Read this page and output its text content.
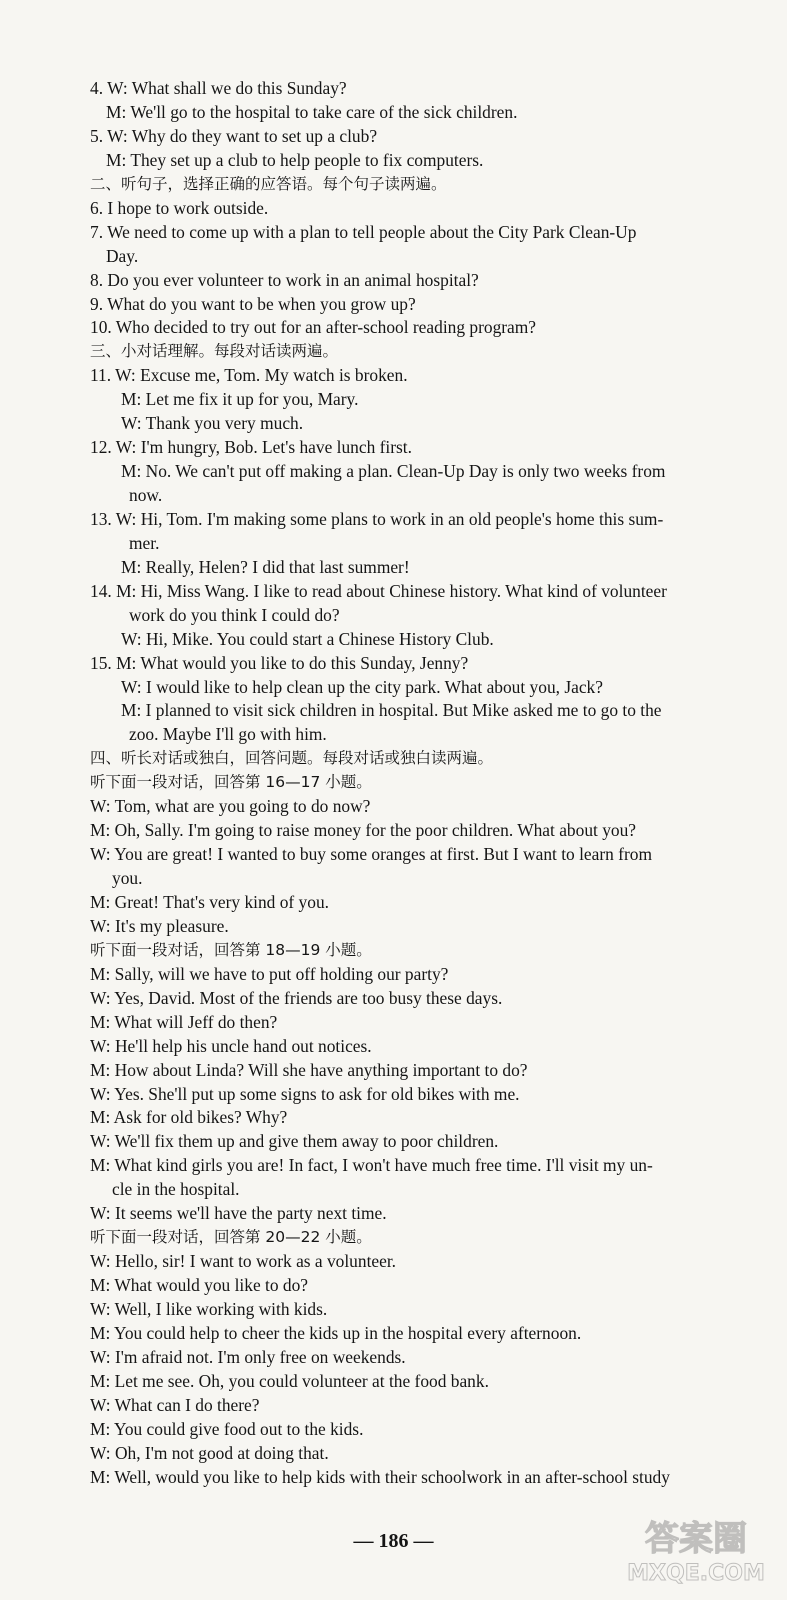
4. W: What shall we do this Sunday?
M: We'll go to the hospital to take care of the sick children.
5. W: Why do they want to set up a club?
M: They set up a club to help people to fix computers.
二、听句子，选择正确的应答语。每个句子读两遍。
6. I hope to work outside.
7. We need to come up with a plan to tell people about the City Park Clean-Up
Day.
8. Do you ever volunteer to work in an animal hospital?
9. What do you want to be when you grow up?
10. Who decided to try out for an after-school reading program?
三、小对话理解。每段对话读两遍。
11. W: Excuse me, Tom. My watch is broken.
M: Let me fix it up for you, Mary.
W: Thank you very much.
12. W: I'm hungry, Bob. Let's have lunch first.
M: No. We can't put off making a plan. Clean-Up Day is only two weeks from
now.
13. W: Hi, Tom. I'm making some plans to work in an old people's home this sum-
mer.
M: Really, Helen? I did that last summer!
14. M: Hi, Miss Wang. I like to read about Chinese history. What kind of volunteer
work do you think I could do?
W: Hi, Mike. You could start a Chinese History Club.
15. M: What would you like to do this Sunday, Jenny?
W: I would like to help clean up the city park. What about you, Jack?
M: I planned to visit sick children in hospital. But Mike asked me to go to the
zoo. Maybe I'll go with him.
四、听长对话或独白，回答问题。每段对话或独白读两遍。
听下面一段对话，回答第 16—17 小题。
W: Tom, what are you going to do now?
M: Oh, Sally. I'm going to raise money for the poor children. What about you?
W: You are great! I wanted to buy some oranges at first. But I want to learn from
you.
M: Great! That's very kind of you.
W: It's my pleasure.
听下面一段对话，回答第 18—19 小题。
M: Sally, will we have to put off holding our party?
W: Yes, David. Most of the friends are too busy these days.
M: What will Jeff do then?
W: He'll help his uncle hand out notices.
M: How about Linda? Will she have anything important to do?
W: Yes. She'll put up some signs to ask for old bikes with me.
M: Ask for old bikes? Why?
W: We'll fix them up and give them away to poor children.
M: What kind girls you are! In fact, I won't have much free time. I'll visit my un-
cle in the hospital.
W: It seems we'll have the party next time.
听下面一段对话，回答第 20—22 小题。
W: Hello, sir! I want to work as a volunteer.
M: What would you like to do?
W: Well, I like working with kids.
M: You could help to cheer the kids up in the hospital every afternoon.
W: I'm afraid not. I'm only free on weekends.
M: Let me see. Oh, you could volunteer at the food bank.
W: What can I do there?
M: You could give food out to the kids.
W: Oh, I'm not good at doing that.
M: Well, would you like to help kids with their schoolwork in an after-school study
— 186 —	答案圈
MXQE.COM
